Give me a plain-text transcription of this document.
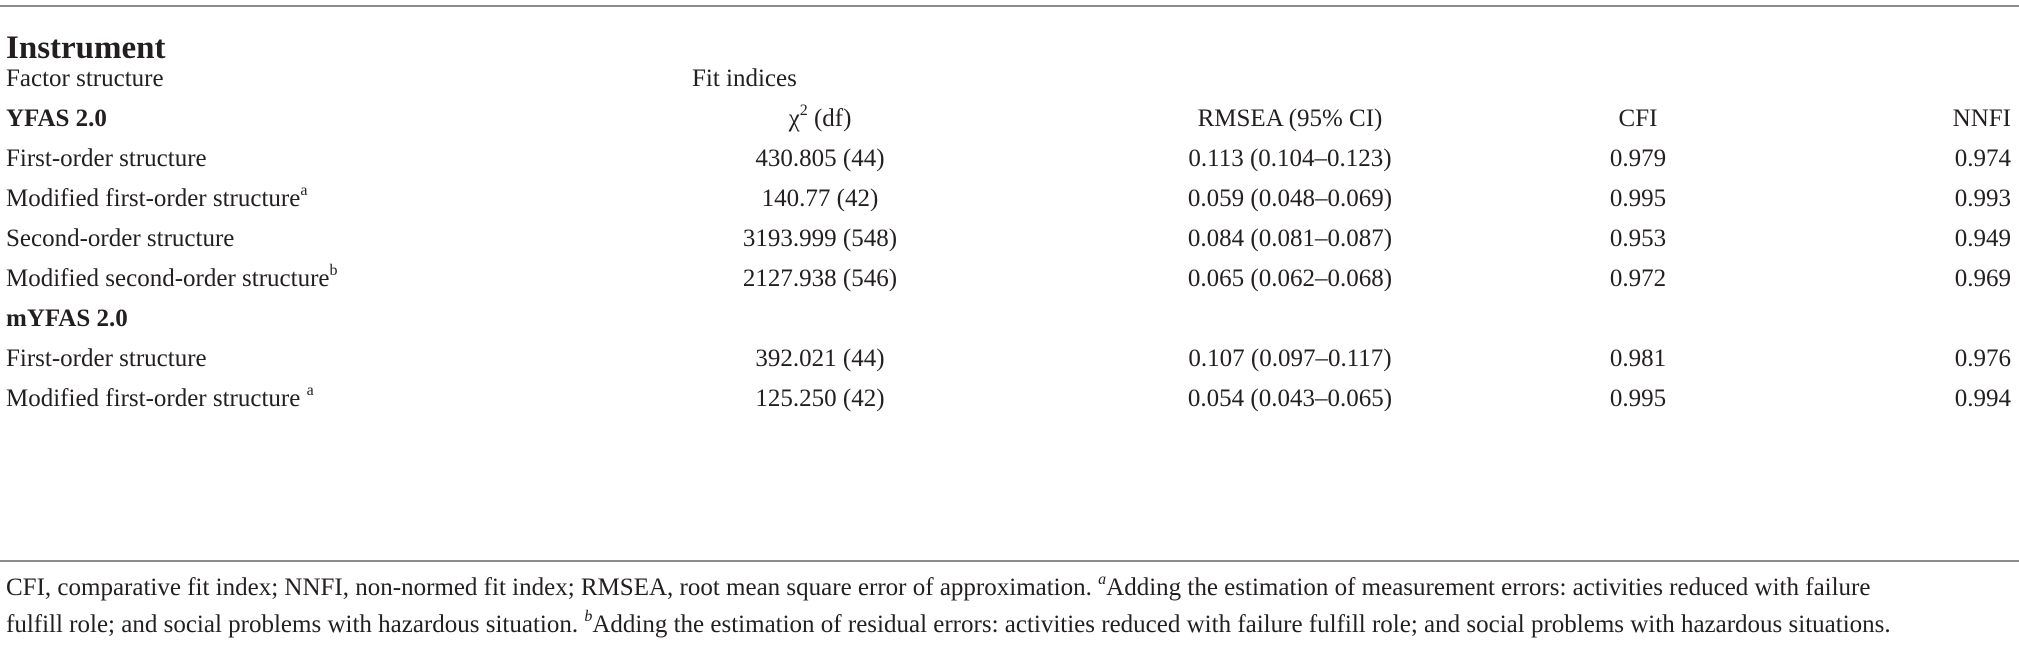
Instrument
Factor structure	Fit indices
YFAS 2.0	$\chi^2$ (df)	RMSEA (95% CI)	CFI	NNFI
First-order structure	430.805 (44)	0.113 (0.104–0.123)	0.979	0.974
Modified first-order structure$^a$	140.77 (42)	0.059 (0.048–0.069)	0.995	0.993
Second-order structure	3193.999 (548)	0.084 (0.081–0.087)	0.953	0.949
Modified second-order structure$^b$	2127.938 (546)	0.065 (0.062–0.068)	0.972	0.969
mYFAS 2.0
First-order structure	392.021 (44)	0.107 (0.097–0.117)	0.981	0.976
Modified first-order structure $^a$	125.250 (42)	0.054 (0.043–0.065)	0.995	0.994
CFI, comparative fit index; NNFI, non-normed fit index; RMSEA, root mean square error of approximation. $^a$Adding the estimation of measurement errors: activities reduced with failure
fulfill role; and social problems with hazardous situation. $^b$Adding the estimation of residual errors: activities reduced with failure fulfill role; and social problems with hazardous situations.
